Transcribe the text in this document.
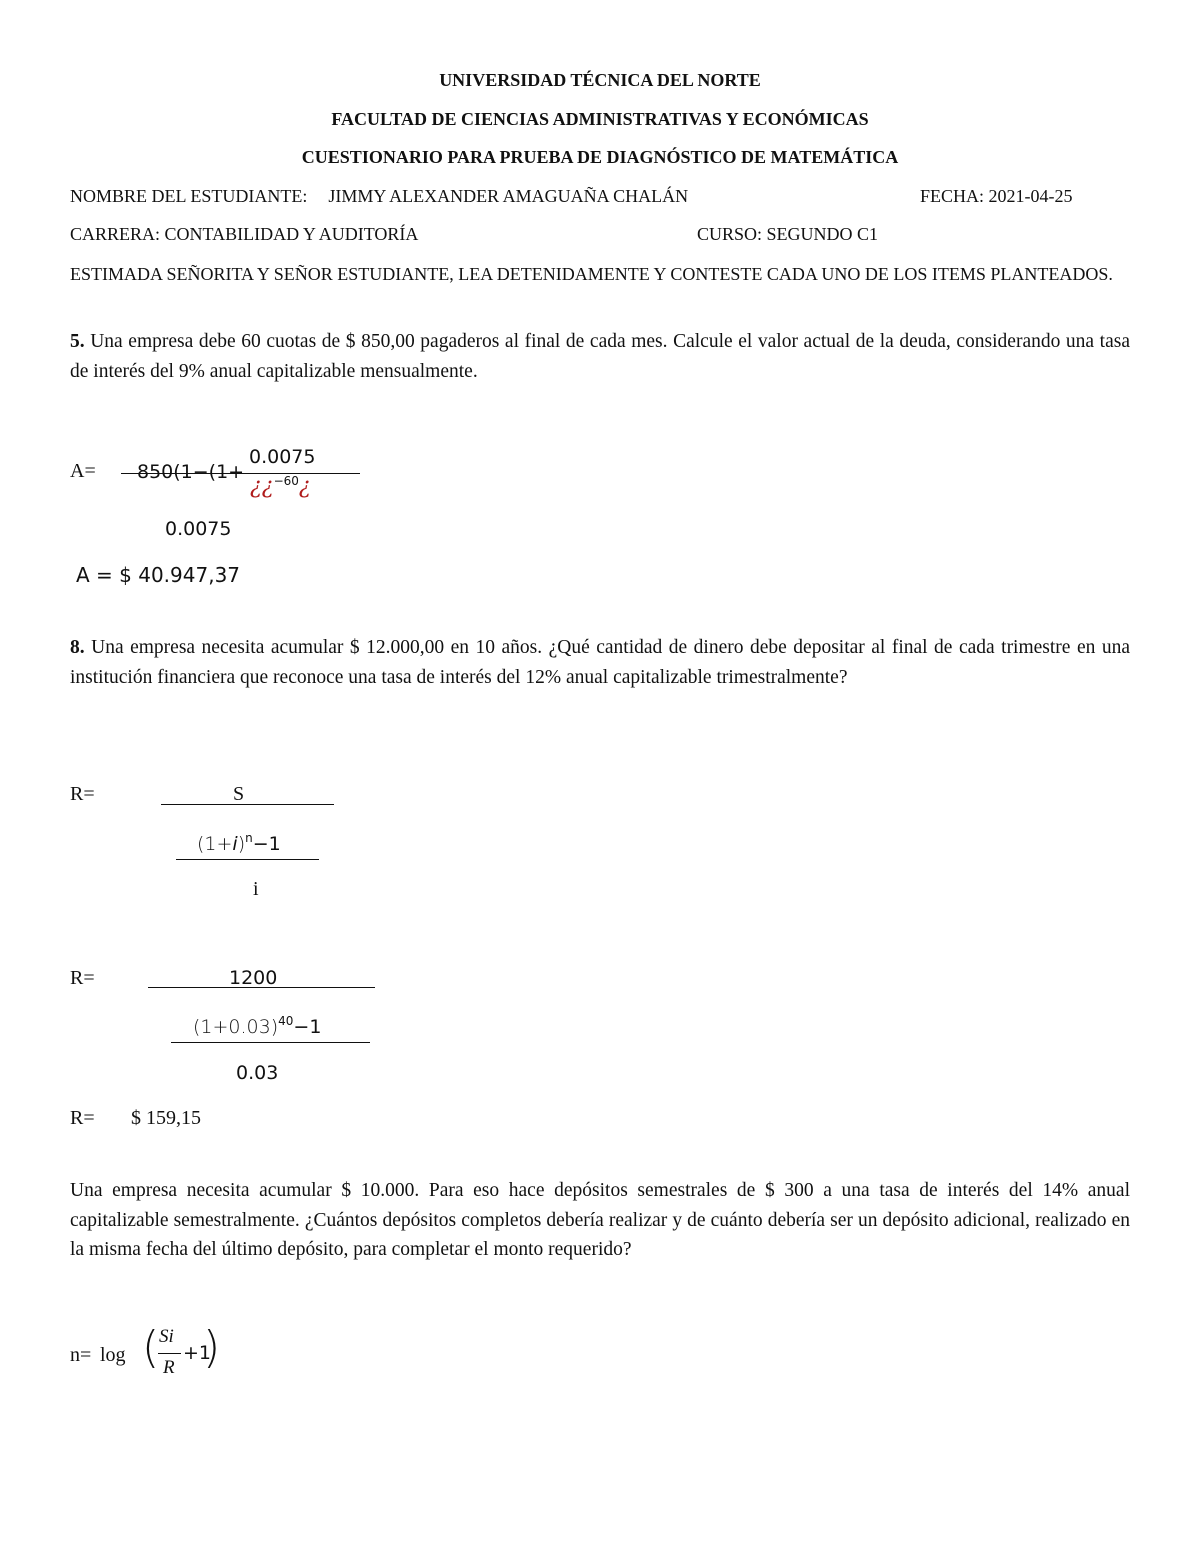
UNIVERSIDAD TÉCNICA DEL NORTE
FACULTAD DE CIENCIAS ADMINISTRATIVAS Y ECONÓMICAS
CUESTIONARIO PARA PRUEBA DE DIAGNÓSTICO DE MATEMÁTICA
NOMBRE DEL ESTUDIANTE: JIMMY ALEXANDER AMAGUAÑA CHALÁN	FECHA: 2021-04-25
CARRERA: CONTABILIDAD Y AUDITORÍA	CURSO: SEGUNDO C1
ESTIMADA SEÑORITA Y SEÑOR ESTUDIANTE, LEA DETENIDAMENTE Y CONTESTE CADA UNO DE LOS ITEMS PLANTEADOS.
5. Una empresa debe 60 cuotas de $ 850,00 pagaderos al final de cada mes. Calcule el valor actual de la deuda, considerando una tasa de interés del 9% anual capitalizable mensualmente.
A= 850(1−(1+
0.0075
¿¿$^{-60}$¿
0.0075
A = $ 40.947,37
8. Una empresa necesita acumular $ 12.000,00 en 10 años. ¿Qué cantidad de dinero debe depositar al final de cada trimestre en una institución financiera que reconoce una tasa de interés del 12% anual capitalizable trimestralmente?
R=	S
$(1+i)^n-1$
i
R=	1200
$(1+0.03)^{40}-1$
0.03
R= $ 159,15
Una empresa necesita acumular $ 10.000. Para eso hace depósitos semestrales de $ 300 a una tasa de interés del 14% anual capitalizable semestralmente. ¿Cuántos depósitos completos debería realizar y de cuánto debería ser un depósito adicional, realizado en la misma fecha del último depósito, para completar el monto requerido?
n= log ( Si
R
+1
)
